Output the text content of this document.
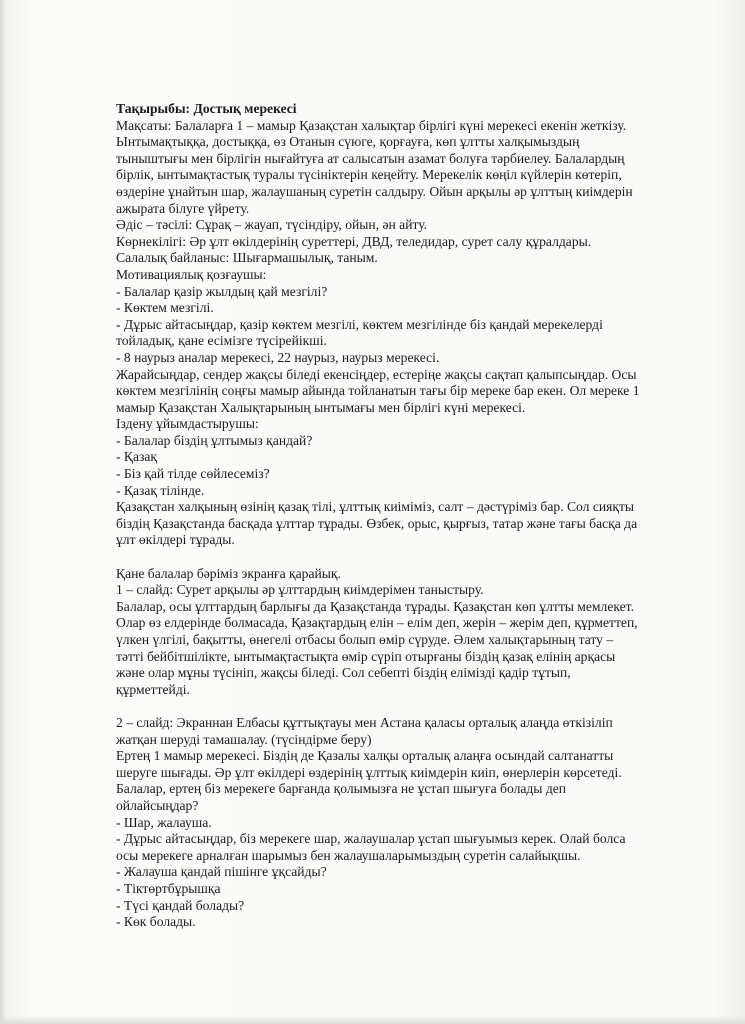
Тақырыбы: Достық мерекесі
Мақсаты: Балаларға 1 – мамыр Қазақстан халықтар бірлігі күні мерекесі екенін жеткізу.
Ынтымақтыққа, достыққа, өз Отанын сүюге, қорғауға, көп ұлтты халқымыздың
тыныштығы мен бірлігін нығайтуға ат салысатын азамат болуға тәрбиелеу. Балалардың
бірлік, ынтымақтастық туралы түсініктерін кеңейту. Мерекелік көңіл күйлерін көтеріп,
өздеріне ұнайтын шар, жалаушаның суретін салдыру. Ойын арқылы әр ұлттың киімдерін
ажырата білуге үйрету.
Әдіс – тәсілі: Сұрақ – жауап, түсіндіру, ойын, ән айту.
Көрнекілігі: Әр ұлт өкілдерінің суреттері, ДВД, теледидар, сурет салу құралдары.
Салалық байланыс: Шығармашылық, таным.
Мотивациялық қозғаушы:
- Балалар қазір жылдың қай мезгілі?
- Көктем мезгілі.
- Дұрыс айтасыңдар, қазір көктем мезгілі, көктем мезгілінде біз қандай мерекелерді
тойладық, қане есімізге түсірейікші.
- 8 наурыз аналар мерекесі, 22 наурыз, наурыз мерекесі.
Жарайсыңдар, сендер жақсы біледі екенсіңдер, естеріңе жақсы сақтап қалыпсыңдар. Осы
көктем мезгілінің соңғы мамыр айында тойланатын тағы бір мереке бар екен. Ол мереке 1
мамыр Қазақстан Халықтарының ынтымағы мен бірлігі күні мерекесі.
Іздену ұйымдастырушы:
- Балалар біздің ұлтымыз қандай?
- Қазақ
- Біз қай тілде сөйлесеміз?
- Қазақ тілінде.
Қазақстан халқының өзінің қазақ тілі, ұлттық киіміміз, салт – дәстүріміз бар. Сол сияқты
біздің Қазақстанда басқада ұлттар тұрады. Өзбек, орыс, қырғыз, татар және тағы басқа да
ұлт өкілдері тұрады.
Қане балалар бәріміз экранға қарайық.
1 – слайд: Сурет арқылы әр ұлттардың киімдерімен таныстыру.
Балалар, осы ұлттардың барлығы да Қазақстанда тұрады. Қазақстан көп ұлтты мемлекет.
Олар өз елдерінде болмасада, Қазақтардың елін – елім деп, жерін – жерім деп, құрметтеп,
үлкен үлгілі, бақытты, өнегелі отбасы болып өмір сүруде. Әлем халықтарының тату –
тәтті бейбітшілікте, ынтымақтастықта өмір сүріп отырғаны біздің қазақ елінің арқасы
және олар мұны түсініп, жақсы біледі. Сол себепті біздің елімізді қадір тұтып,
құрметтейді.
2 – слайд: Экраннан Елбасы құттықтауы мен Астана қаласы орталық алаңда өткізіліп
жатқан шеруді тамашалау. (түсіндірме беру)
Ертең 1 мамыр мерекесі. Біздің де Қазалы халқы орталық алаңға осындай салтанатты
шеруге шығады. Әр ұлт өкілдері өздерінің ұлттық киімдерін киіп, өнерлерін көрсетеді.
Балалар, ертең біз мерекеге барғанда қолымызға не ұстап шығуға болады деп
ойлайсыңдар?
- Шар, жалауша.
- Дұрыс айтасыңдар, біз мерекеге шар, жалаушалар ұстап шығуымыз керек. Олай болса
осы мерекеге арналған шарымыз бен жалаушаларымыздың суретін салайықшы.
- Жалауша қандай пішінге ұқсайды?
- Тіктөртбұрышқа
- Түсі қандай болады?
- Көк болады.
